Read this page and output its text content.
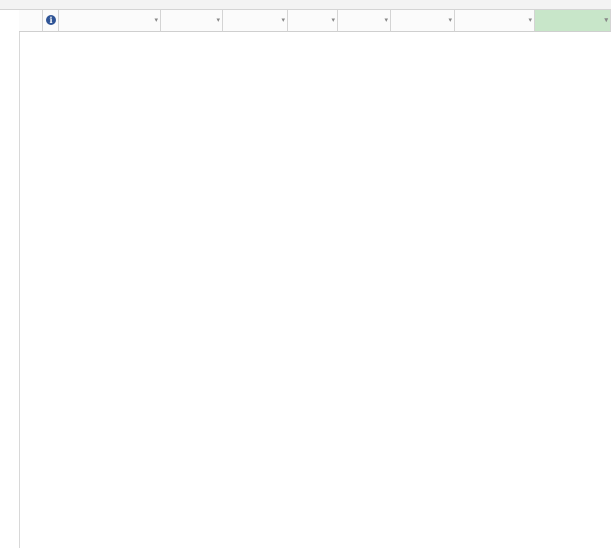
i	▾	▾	▾	▾	▾	▾	▾	▾
